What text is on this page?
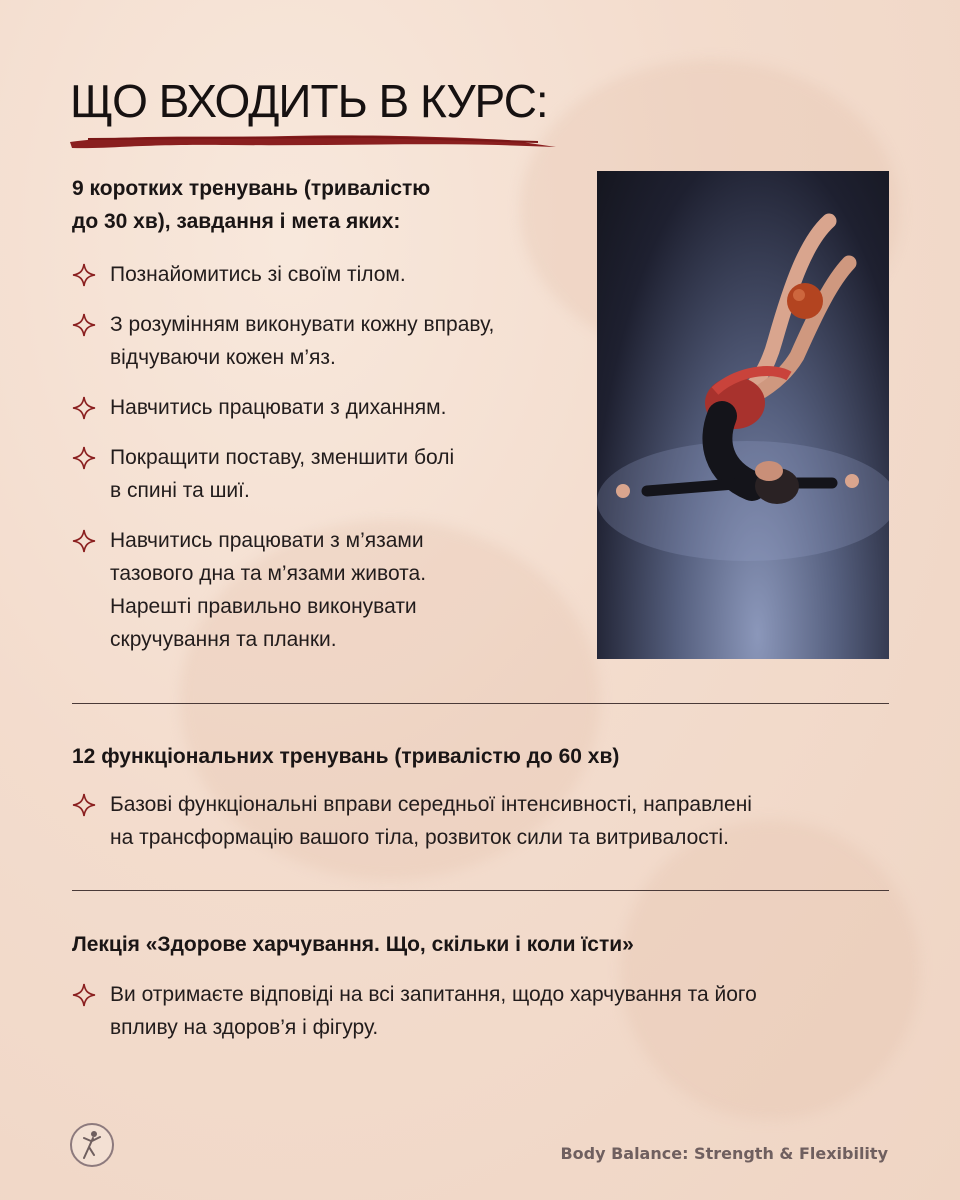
ЩО ВХОДИТЬ В КУРС:
9 коротких тренувань (тривалістю
до 30 хв), завдання і мета яких:
Познайомитись зі своїм тілом.
З розумінням виконувати кожну вправу,
відчуваючи кожен м’яз.
Навчитись працювати з диханням.
Покращити поставу, зменшити болі
в спині та шиї.
Навчитись працювати з м’язами
тазового дна та м’язами живота.
Нарешті правильно виконувати
скручування та планки.
12 функціональних тренувань (тривалістю до 60 хв)
Базові функціональні вправи середньої інтенсивності, направлені
на трансформацію вашого тіла, розвиток сили та витривалості.
Лекція «Здорове харчування. Що, скільки і коли їсти»
Ви отримаєте відповіді на всі запитання, щодо харчування та його
впливу на здоров’я і фігуру.
Body Balance: Strength & Flexibility
